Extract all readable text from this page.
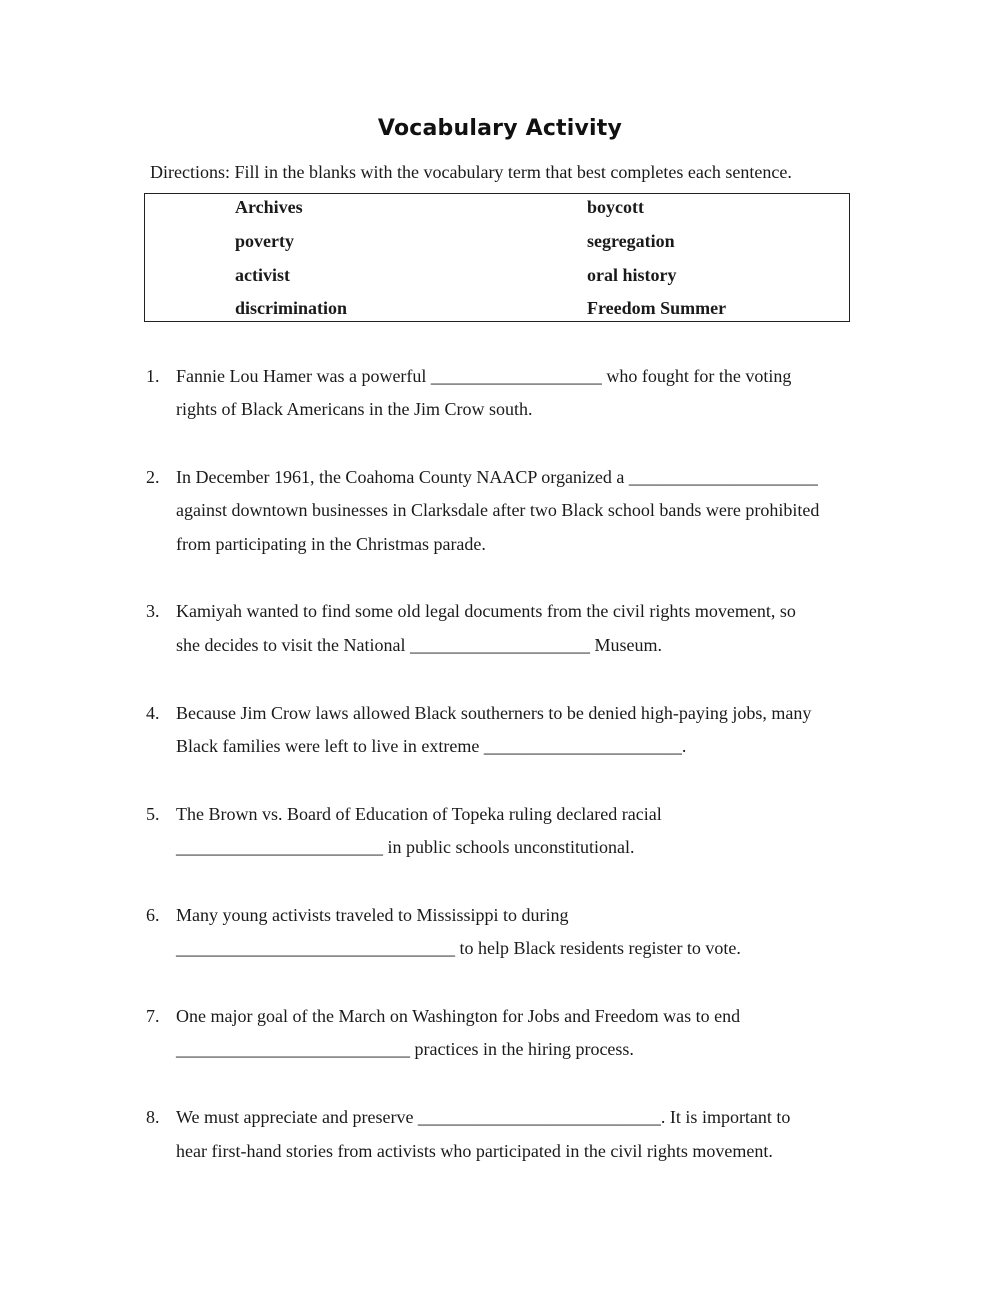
Vocabulary Activity
Directions: Fill in the blanks with the vocabulary term that best completes each sentence.
Archives
poverty
activist
discrimination
boycott
segregation
oral history
Freedom Summer
1. Fannie Lou Hamer was a powerful ___________________ who fought for the voting
rights of Black Americans in the Jim Crow south.
2. In December 1961, the Coahoma County NAACP organized a _____________________
against downtown businesses in Clarksdale after two Black school bands were prohibited
from participating in the Christmas parade.
3. Kamiyah wanted to find some old legal documents from the civil rights movement, so
she decides to visit the National ____________________ Museum.
4. Because Jim Crow laws allowed Black southerners to be denied high-paying jobs, many
Black families were left to live in extreme ______________________.
5. The Brown vs. Board of Education of Topeka ruling declared racial
_______________________ in public schools unconstitutional.
6. Many young activists traveled to Mississippi to during
_______________________________ to help Black residents register to vote.
7. One major goal of the March on Washington for Jobs and Freedom was to end
__________________________ practices in the hiring process.
8. We must appreciate and preserve ___________________________. It is important to
hear first-hand stories from activists who participated in the civil rights movement.
